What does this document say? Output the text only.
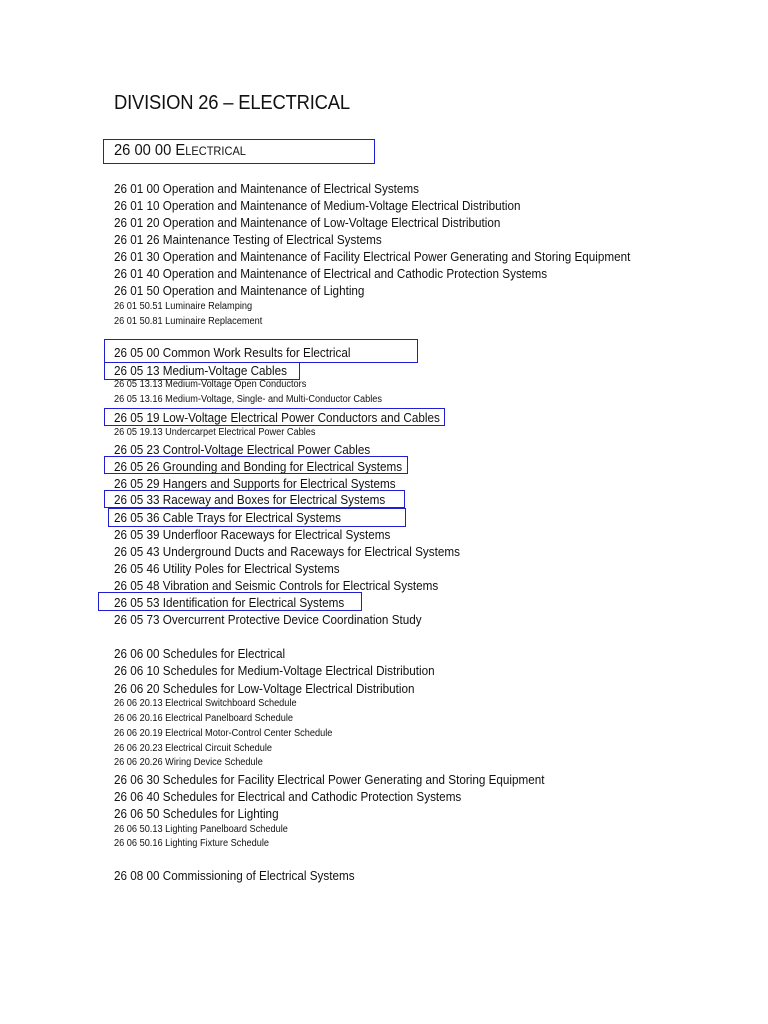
DIVISION 26 – ELECTRICAL
26 00 00 ELECTRICAL
26 01 00 Operation and Maintenance of Electrical Systems
26 01 10 Operation and Maintenance of Medium-Voltage Electrical Distribution
26 01 20 Operation and Maintenance of Low-Voltage Electrical Distribution
26 01 26 Maintenance Testing of Electrical Systems
26 01 30 Operation and Maintenance of Facility Electrical Power Generating and Storing Equipment
26 01 40 Operation and Maintenance of Electrical and Cathodic Protection Systems
26 01 50 Operation and Maintenance of Lighting
26 01 50.51 Luminaire Relamping
26 01 50.81 Luminaire Replacement
26 05 00 Common Work Results for Electrical
26 05 13 Medium-Voltage Cables
26 05 13.13 Medium-Voltage Open Conductors
26 05 13.16 Medium-Voltage, Single- and Multi-Conductor Cables
26 05 19 Low-Voltage Electrical Power Conductors and Cables
26 05 19.13 Undercarpet Electrical Power Cables
26 05 23 Control-Voltage Electrical Power Cables
26 05 26 Grounding and Bonding for Electrical Systems
26 05 29 Hangers and Supports for Electrical Systems
26 05 33 Raceway and Boxes for Electrical Systems
26 05 36 Cable Trays for Electrical Systems
26 05 39 Underfloor Raceways for Electrical Systems
26 05 43 Underground Ducts and Raceways for Electrical Systems
26 05 46 Utility Poles for Electrical Systems
26 05 48 Vibration and Seismic Controls for Electrical Systems
26 05 53 Identification for Electrical Systems
26 05 73 Overcurrent Protective Device Coordination Study
26 06 00 Schedules for Electrical
26 06 10 Schedules for Medium-Voltage Electrical Distribution
26 06 20 Schedules for Low-Voltage Electrical Distribution
26 06 20.13 Electrical Switchboard Schedule
26 06 20.16 Electrical Panelboard Schedule
26 06 20.19 Electrical Motor-Control Center Schedule
26 06 20.23 Electrical Circuit Schedule
26 06 20.26 Wiring Device Schedule
26 06 30 Schedules for Facility Electrical Power Generating and Storing Equipment
26 06 40 Schedules for Electrical and Cathodic Protection Systems
26 06 50 Schedules for Lighting
26 06 50.13 Lighting Panelboard Schedule
26 06 50.16 Lighting Fixture Schedule
26 08 00 Commissioning of Electrical Systems
